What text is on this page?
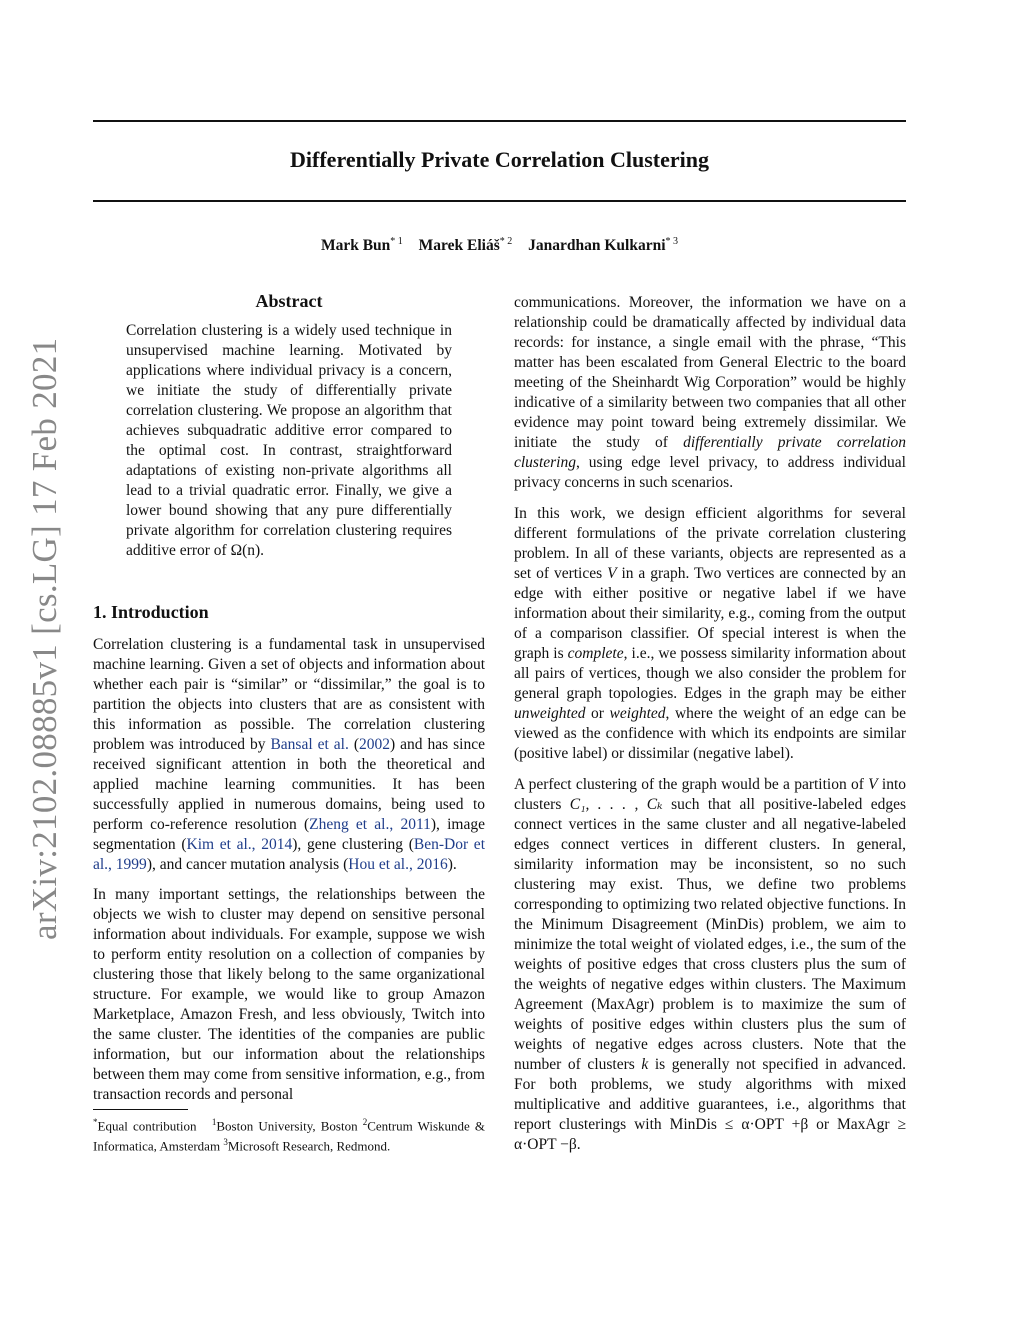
arXiv:2102.08885v1 [cs.LG] 17 Feb 2021
Differentially Private Correlation Clustering
Mark Bun$^{* 1}$ Marek Eliáš$^{* 2}$ Janardhan Kulkarni$^{* 3}$
Abstract

Correlation clustering is a widely used technique in unsupervised machine learning. Motivated by applications where individual privacy is a concern, we initiate the study of differentially private correlation clustering. We propose an algorithm that achieves subquadratic additive error compared to the optimal cost. In contrast, straightforward adaptations of existing non-private algorithms all lead to a trivial quadratic error. Finally, we give a lower bound showing that any pure differentially private algorithm for correlation clustering requires additive error of Ω(n).

1. Introduction

Correlation clustering is a fundamental task in unsupervised machine learning. Given a set of objects and information about whether each pair is “similar” or “dissimilar,” the goal is to partition the objects into clusters that are as consistent with this information as possible. The correlation clustering problem was introduced by Bansal et al. (2002) and has since received significant attention in both the theoretical and applied machine learning communities. It has been successfully applied in numerous domains, being used to perform co-reference resolution (Zheng et al., 2011), image segmentation (Kim et al., 2014), gene clustering (Ben-Dor et al., 1999), and cancer mutation analysis (Hou et al., 2016).

In many important settings, the relationships between the objects we wish to cluster may depend on sensitive personal information about individuals. For example, suppose we wish to perform entity resolution on a collection of companies by clustering those that likely belong to the same organizational structure. For example, we would like to group Amazon Marketplace, Amazon Fresh, and less obviously, Twitch into the same cluster. The identities of the companies are public information, but our information about the relationships between them may come from sensitive information, e.g., from transaction records and personal

*Equal contribution $^1$Boston University, Boston $^2$Centrum Wiskunde & Informatica, Amsterdam $^3$Microsoft Research, Redmond.

communications. Moreover, the information we have on a relationship could be dramatically affected by individual data records: for instance, a single email with the phrase, “This matter has been escalated from General Electric to the board meeting of the Sheinhardt Wig Corporation” would be highly indicative of a similarity between two companies that all other evidence may point toward being extremely dissimilar. We initiate the study of differentially private correlation clustering, using edge level privacy, to address individual privacy concerns in such scenarios.

In this work, we design efficient algorithms for several different formulations of the private correlation clustering problem. In all of these variants, objects are represented as a set of vertices V in a graph. Two vertices are connected by an edge with either positive or negative label if we have information about their similarity, e.g., coming from the output of a comparison classifier. Of special interest is when the graph is complete, i.e., we possess similarity information about all pairs of vertices, though we also consider the problem for general graph topologies. Edges in the graph may be either unweighted or weighted, where the weight of an edge can be viewed as the confidence with which its endpoints are similar (positive label) or dissimilar (negative label).

A perfect clustering of the graph would be a partition of V into clusters C₁, . . . , Cₖ such that all positive-labeled edges connect vertices in the same cluster and all negative-labeled edges connect vertices in different clusters. In general, similarity information may be inconsistent, so no such clustering may exist. Thus, we define two problems corresponding to optimizing two related objective functions. In the Minimum Disagreement (MinDis) problem, we aim to minimize the total weight of violated edges, i.e., the sum of the weights of positive edges that cross clusters plus the sum of the weights of negative edges within clusters. The Maximum Agreement (MaxAgr) problem is to maximize the sum of weights of positive edges within clusters plus the sum of weights of negative edges across clusters. Note that the number of clusters k is generally not specified in advanced. For both problems, we study algorithms with mixed multiplicative and additive guarantees, i.e., algorithms that report clusterings with MinDis ≤ α·OPT +β or MaxAgr ≥ α·OPT −β.
